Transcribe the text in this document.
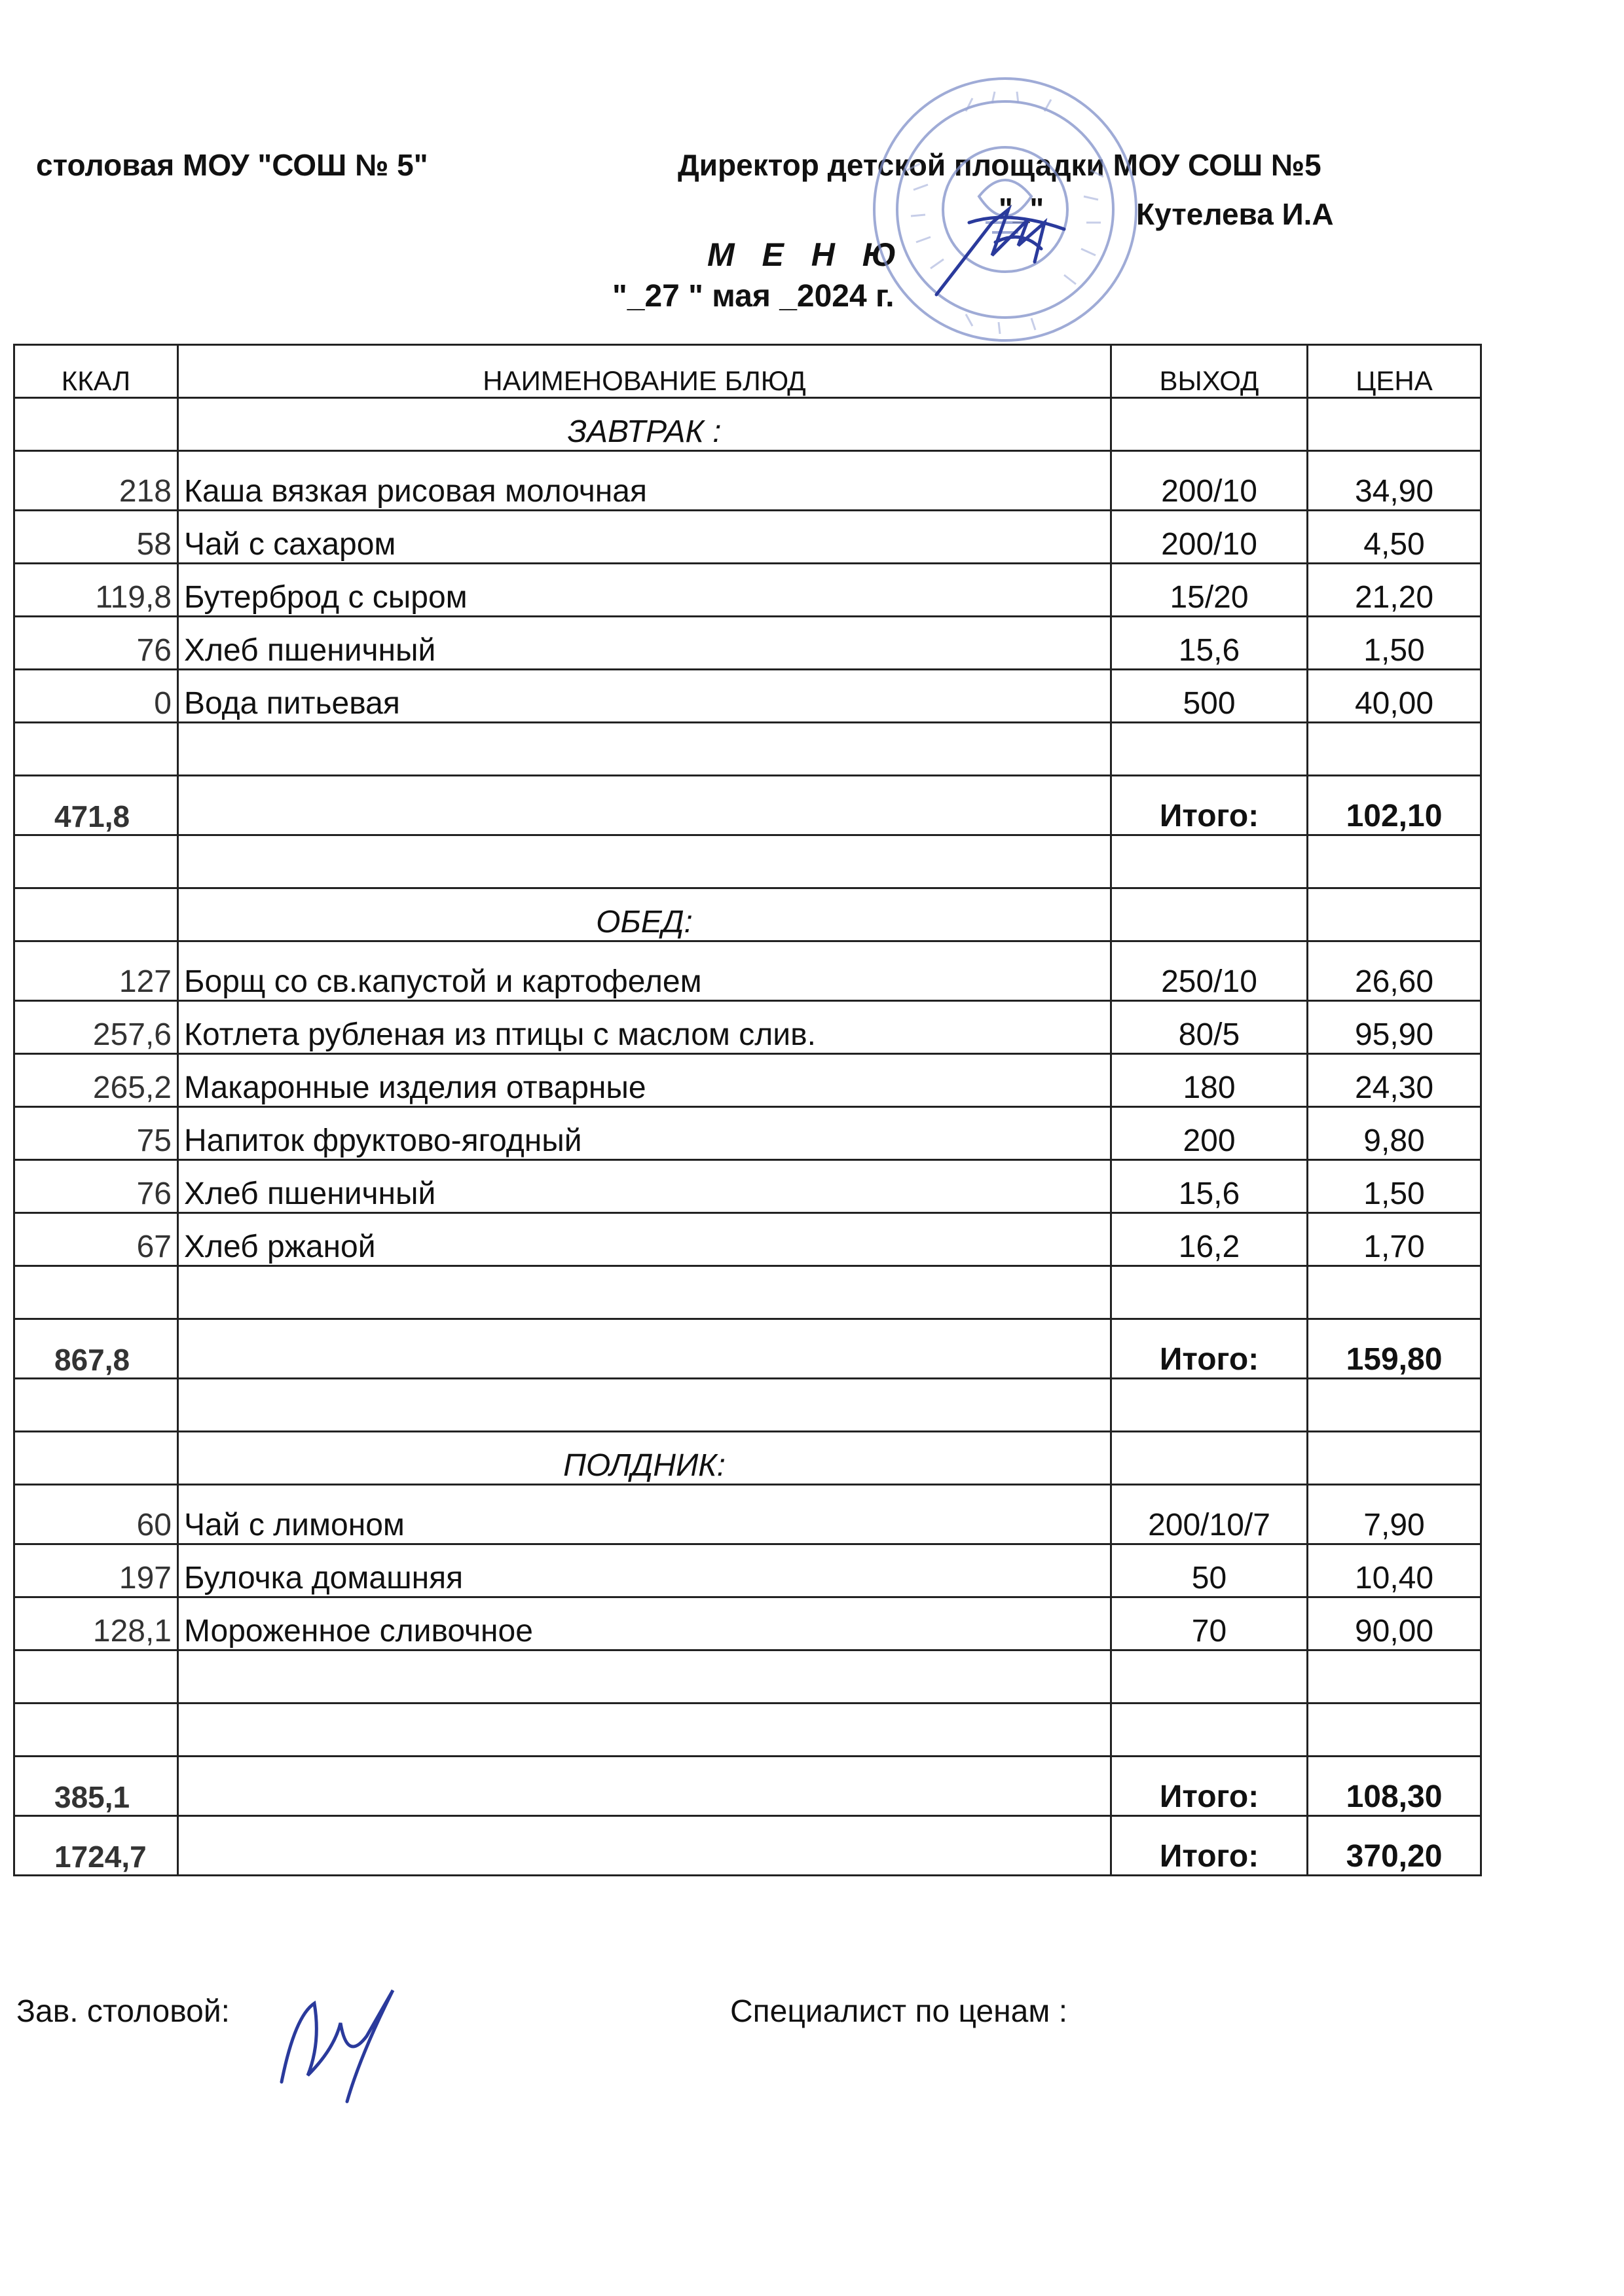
столовая МОУ "СОШ № 5"	Директор детской площадки МОУ СОШ №5
"_"	Кутелева И.А
М Е Н Ю
"_27 " мая _2024 г.
ККАЛ	НАИМЕНОВАНИЕ БЛЮД	ВЫХОД	ЦЕНА
	ЗАВТРАК :		
218	Каша вязкая рисовая молочная	200/10	34,90
58	Чай с сахаром	200/10	4,50
119,8	Бутерброд с сыром	15/20	21,20
76	Хлеб пшеничный	15,6	1,50
0	Вода питьевая	500	40,00

471,8		Итого:	102,10

	ОБЕД:		
127	Борщ со св.капустой и картофелем	250/10	26,60
257,6	Котлета рубленая из птицы с маслом слив.	80/5	95,90
265,2	Макаронные изделия отварные	180	24,30
75	Напиток фруктово-ягодный	200	9,80
76	Хлеб пшеничный	15,6	1,50
67	Хлеб ржаной	16,2	1,70

867,8		Итого:	159,80

	ПОЛДНИК:		
60	Чай с лимоном	200/10/7	7,90
197	Булочка домашняя	50	10,40
128,1	Мороженное сливочное	70	90,00

385,1		Итого:	108,30
1724,7		Итого:	370,20
Зав. столовой:	Специалист по ценам :
